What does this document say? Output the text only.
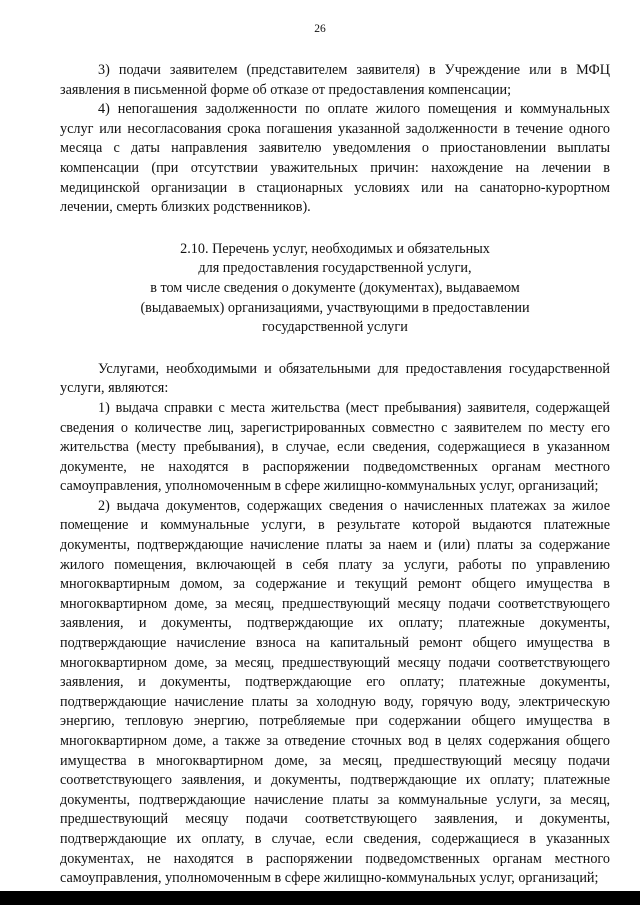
26

3) подачи заявителем (представителем заявителя) в Учреждение или в МФЦ заявления в письменной форме об отказе от предоставления компенсации;

4) непогашения задолженности по оплате жилого помещения и коммунальных услуг или несогласования срока погашения указанной задолженности в течение одного месяца с даты направления заявителю уведомления о приостановлении выплаты компенсации (при отсутствии уважительных причин: нахождение на лечении в медицинской организации в стационарных условиях или на санаторно-курортном лечении, смерть близких родственников).

2.10. Перечень услуг, необходимых и обязательных
для предоставления государственной услуги,
в том числе сведения о документе (документах), выдаваемом
(выдаваемых) организациями, участвующими в предоставлении
государственной услуги

Услугами, необходимыми и обязательными для предоставления государственной услуги, являются:

1) выдача справки с места жительства (мест пребывания) заявителя, содержащей сведения о количестве лиц, зарегистрированных совместно с заявителем по месту его жительства (месту пребывания), в случае, если сведения, содержащиеся в указанном документе, не находятся в распоряжении подведомственных органам местного самоуправления, уполномоченным в сфере жилищно-коммунальных услуг, организаций;

2) выдача документов, содержащих сведения о начисленных платежах за жилое помещение и коммунальные услуги, в результате которой выдаются платежные документы, подтверждающие начисление платы за наем и (или) платы за содержание жилого помещения, включающей в себя плату за услуги, работы по управлению многоквартирным домом, за содержание и текущий ремонт общего имущества в многоквартирном доме, за месяц, предшествующий месяцу подачи соответствующего заявления, и документы, подтверждающие их оплату; платежные документы, подтверждающие начисление взноса на капитальный ремонт общего имущества в многоквартирном доме, за месяц, предшествующий месяцу подачи соответствующего заявления, и документы, подтверждающие его оплату; платежные документы, подтверждающие начисление платы за холодную воду, горячую воду, электрическую энергию, тепловую энергию, потребляемые при содержании общего имущества в многоквартирном доме, а также за отведение сточных вод в целях содержания общего имущества в многоквартирном доме, за месяц, предшествующий месяцу подачи соответствующего заявления, и документы, подтверждающие их оплату; платежные документы, подтверждающие начисление платы за коммунальные услуги, за месяц, предшествующий месяцу подачи соответствующего заявления, и документы, подтверждающие их оплату, в случае, если сведения, содержащиеся в указанных документах, не находятся в распоряжении подведомственных органам местного самоуправления, уполномоченным в сфере жилищно-коммунальных услуг, организаций;
